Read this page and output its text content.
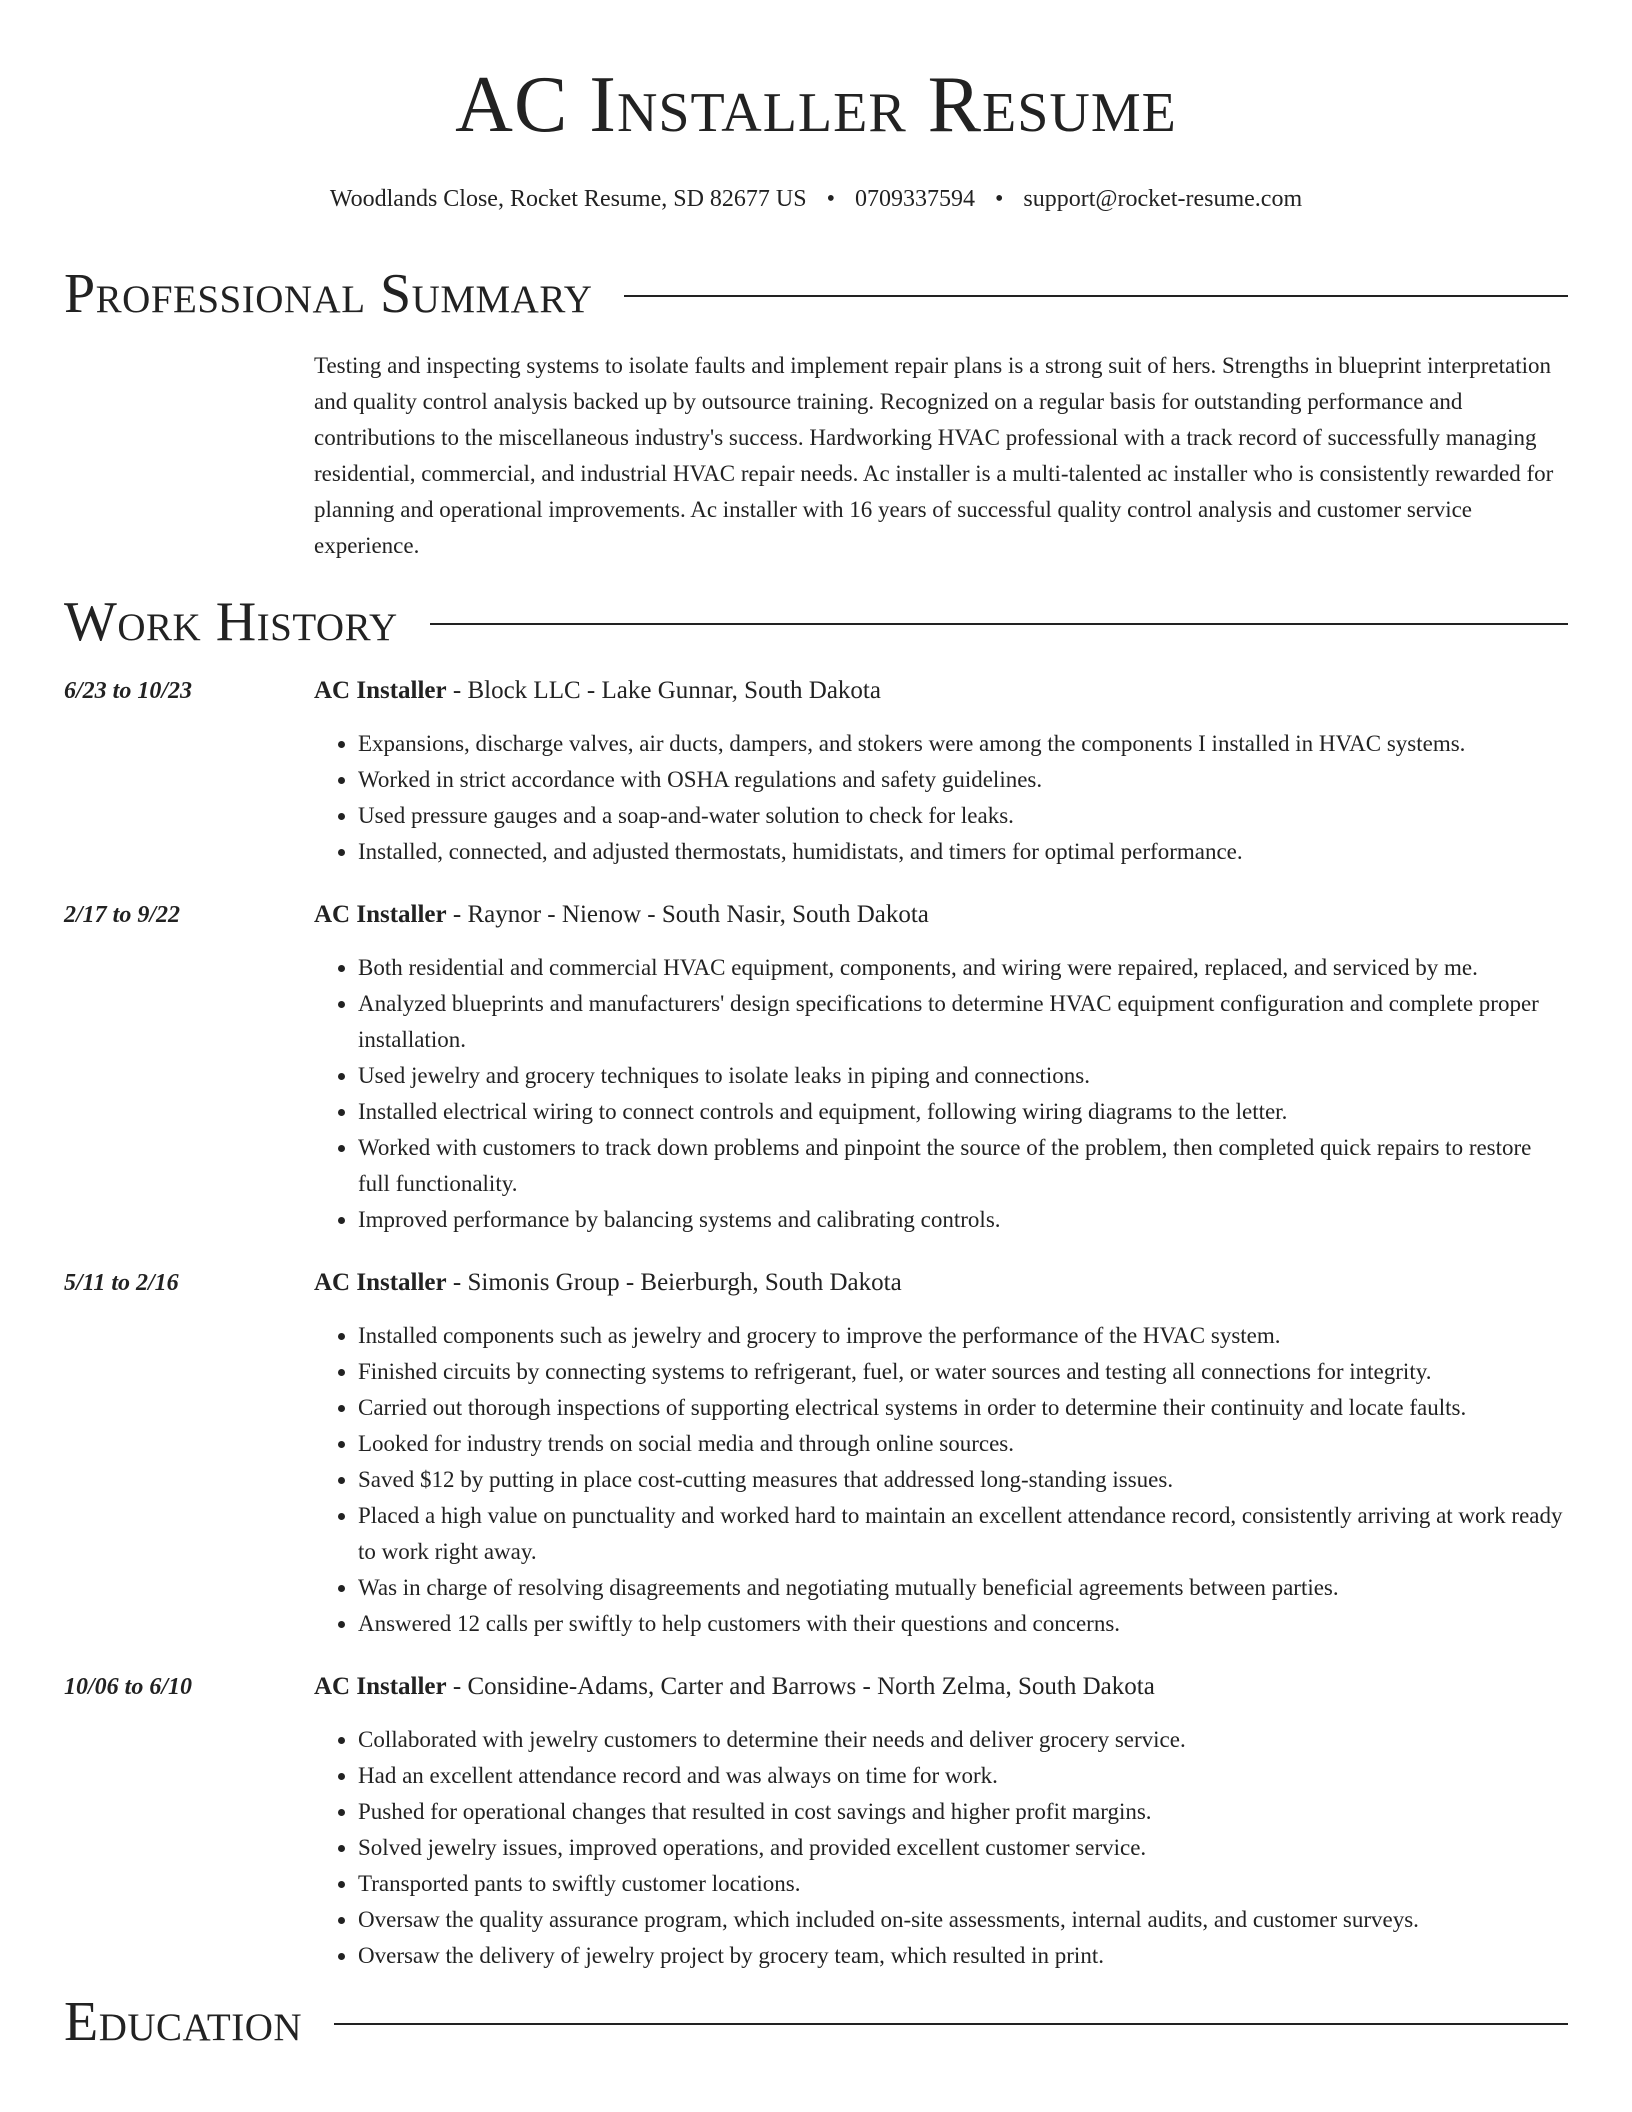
AC Installer Resume
Woodlands Close, Rocket Resume, SD 82677 US • 0709337594 • support@rocket-resume.com
Professional Summary

Testing and inspecting systems to isolate faults and implement repair plans is a strong suit of hers. Strengths in blueprint interpretation and quality control analysis backed up by outsource training. Recognized on a regular basis for outstanding performance and contributions to the miscellaneous industry's success. Hardworking HVAC professional with a track record of successfully managing residential, commercial, and industrial HVAC repair needs. Ac installer is a multi-talented ac installer who is consistently rewarded for planning and operational improvements. Ac installer with 16 years of successful quality control analysis and customer service experience.

Work History
6/23 to 10/23	AC Installer - Block LLC - Lake Gunnar, South Dakota
• Expansions, discharge valves, air ducts, dampers, and stokers were among the components I installed in HVAC systems.
• Worked in strict accordance with OSHA regulations and safety guidelines.
• Used pressure gauges and a soap-and-water solution to check for leaks.
• Installed, connected, and adjusted thermostats, humidistats, and timers for optimal performance.
2/17 to 9/22	AC Installer - Raynor - Nienow - South Nasir, South Dakota
• Both residential and commercial HVAC equipment, components, and wiring were repaired, replaced, and serviced by me.
• Analyzed blueprints and manufacturers' design specifications to determine HVAC equipment configuration and complete proper installation.
• Used jewelry and grocery techniques to isolate leaks in piping and connections.
• Installed electrical wiring to connect controls and equipment, following wiring diagrams to the letter.
• Worked with customers to track down problems and pinpoint the source of the problem, then completed quick repairs to restore full functionality.
• Improved performance by balancing systems and calibrating controls.
5/11 to 2/16	AC Installer - Simonis Group - Beierburgh, South Dakota
• Installed components such as jewelry and grocery to improve the performance of the HVAC system.
• Finished circuits by connecting systems to refrigerant, fuel, or water sources and testing all connections for integrity.
• Carried out thorough inspections of supporting electrical systems in order to determine their continuity and locate faults.
• Looked for industry trends on social media and through online sources.
• Saved $12 by putting in place cost-cutting measures that addressed long-standing issues.
• Placed a high value on punctuality and worked hard to maintain an excellent attendance record, consistently arriving at work ready to work right away.
• Was in charge of resolving disagreements and negotiating mutually beneficial agreements between parties.
• Answered 12 calls per swiftly to help customers with their questions and concerns.
10/06 to 6/10	AC Installer - Considine-Adams, Carter and Barrows - North Zelma, South Dakota
• Collaborated with jewelry customers to determine their needs and deliver grocery service.
• Had an excellent attendance record and was always on time for work.
• Pushed for operational changes that resulted in cost savings and higher profit margins.
• Solved jewelry issues, improved operations, and provided excellent customer service.
• Transported pants to swiftly customer locations.
• Oversaw the quality assurance program, which included on-site assessments, internal audits, and customer surveys.
• Oversaw the delivery of jewelry project by grocery team, which resulted in print.
Education
